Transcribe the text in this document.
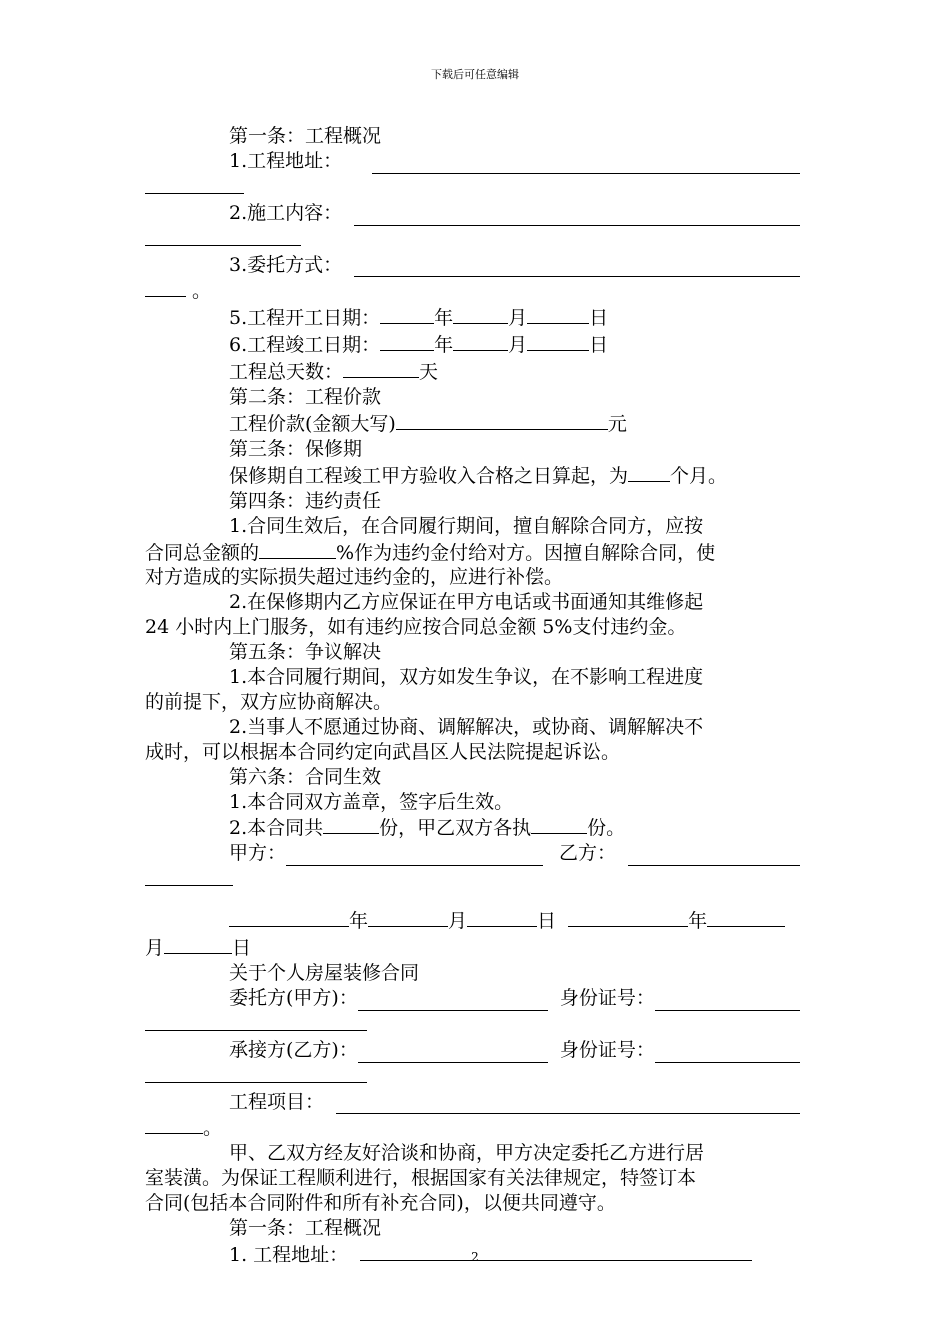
下载后可任意编辑

第一条：工程概况

1.工程地址：

2.施工内容：

3.委托方式：

。

5.工程开工日期：	年	月	日

6.工程竣工日期：	年	月	日

工程总天数：	天

第二条：工程价款

工程价款(金额大写)	元

第三条：保修期

保修期自工程竣工甲方验收入合格之日算起，为 个月。

第四条：违约责任

1.合同生效后，在合同履行期间，擅自解除合同方，应按

合同总金额的	%作为违约金付给对方。因擅自解除合同，使

对方造成的实际损失超过违约金的，应进行补偿。

2.在保修期内乙方应保证在甲方电话或书面通知其维修起

24 小时内上门服务，如有违约应按合同总金额 5%支付违约金。

第五条：争议解决

1.本合同履行期间，双方如发生争议，在不影响工程进度

的前提下，双方应协商解决。

2.当事人不愿通过协商、调解解决，或协商、调解解决不

成时，可以根据本合同约定向武昌区人民法院提起诉讼。

第六条：合同生效

1.本合同双方盖章，签字后生效。

2.本合同共	份，甲乙双方各执	份。

甲方：	乙方：

年	月	日	年

月	日

关于个人房屋装修合同

委托方(甲方)：	身份证号：

承接方(乙方)：	身份证号：

工程项目：

。

甲、乙双方经友好洽谈和协商，甲方决定委托乙方进行居

室装潢。为保证工程顺利进行，根据国家有关法律规定，特签订本

合同(包括本合同附件和所有补充合同)，以便共同遵守。

第一条：工程概况

1. 工程地址：	2
